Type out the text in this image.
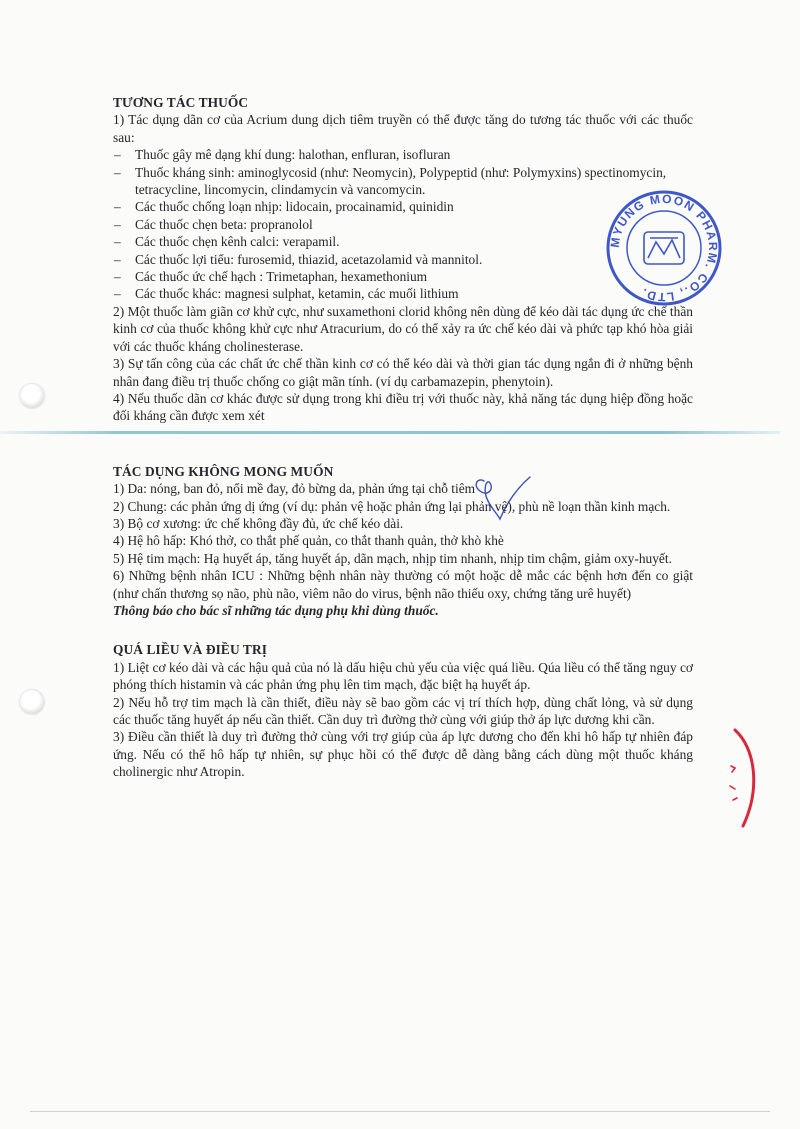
MYUNG MOON PHARM. CO., LTD.
TƯƠNG TÁC THUỐC

1) Tác dụng dãn cơ của Acrium dung dịch tiêm truyền có thể được tăng do tương tác thuốc với các thuốc sau:

– Thuốc gây mê dạng khí dung: halothan, enfluran, isofluran
– Thuốc kháng sinh: aminoglycosid (như: Neomycin), Polypeptid (như: Polymyxins) spectinomycin, tetracycline, lincomycin, clindamycin và vancomycin.
– Các thuốc chống loạn nhịp: lidocain, procainamid, quinidin
– Các thuốc chẹn beta: propranolol
– Các thuốc chẹn kênh calci: verapamil.
– Các thuốc lợi tiểu: furosemid, thiazid, acetazolamid và mannitol.
– Các thuốc ức chế hạch : Trimetaphan, hexamethonium
– Các thuốc khác: magnesi sulphat, ketamin, các muối lithium

2) Một thuốc làm giãn cơ khử cực, như suxamethoni clorid không nên dùng để kéo dài tác dụng ức chế thần kinh cơ của thuốc không khử cực như Atracurium, do có thể xảy ra ức chế kéo dài và phức tạp khó hòa giải với các thuốc kháng cholinesterase.

3) Sự tấn công của các chất ức chế thần kinh cơ có thể kéo dài và thời gian tác dụng ngắn đi ở những bệnh nhân đang điều trị thuốc chống co giật mãn tính. (ví dụ carbamazepin, phenytoin).

4) Nếu thuốc dãn cơ khác được sử dụng trong khi điều trị với thuốc này, khả năng tác dụng hiệp đồng hoặc đối kháng cần được xem xét

TÁC DỤNG KHÔNG MONG MUỐN

1) Da: nóng, ban đỏ, nổi mề đay, đỏ bừng da, phản ứng tại chỗ tiêm

2) Chung: các phản ứng dị ứng (ví dụ: phản vệ hoặc phản ứng lại phản vệ), phù nề loạn thần kinh mạch.

3) Bộ cơ xương: ức chế không đầy đủ, ức chế kéo dài.

4) Hệ hô hấp: Khó thở, co thắt phế quản, co thắt thanh quản, thở khò khè

5) Hệ tim mạch: Hạ huyết áp, tăng huyết áp, dãn mạch, nhịp tim nhanh, nhịp tim chậm, giảm oxy-huyết.

6) Những bệnh nhân ICU : Những bệnh nhân này thường có một hoặc dễ mắc các bệnh hơn đến co giật (như chấn thương sọ não, phù não, viêm não do virus, bệnh não thiếu oxy, chứng tăng urê huyết)

Thông báo cho bác sĩ những tác dụng phụ khi dùng thuốc.

QUÁ LIỀU VÀ ĐIỀU TRỊ

1) Liệt cơ kéo dài và các hậu quả của nó là dấu hiệu chủ yếu của việc quá liều. Qúa liều có thể tăng nguy cơ phóng thích histamin và các phản ứng phụ lên tim mạch, đặc biệt hạ huyết áp.

2) Nếu hỗ trợ tim mạch là cần thiết, điều này sẽ bao gồm các vị trí thích hợp, dùng chất lỏng, và sử dụng các thuốc tăng huyết áp nếu cần thiết. Cần duy trì đường thở cùng với giúp thở áp lực dương khi cần.

3) Điều cần thiết là duy trì đường thở cùng với trợ giúp của áp lực dương cho đến khi hô hấp tự nhiên đáp ứng. Nếu có thể hô hấp tự nhiên, sự phục hồi có thể được dễ dàng bằng cách dùng một thuốc kháng cholinergic như Atropin.
